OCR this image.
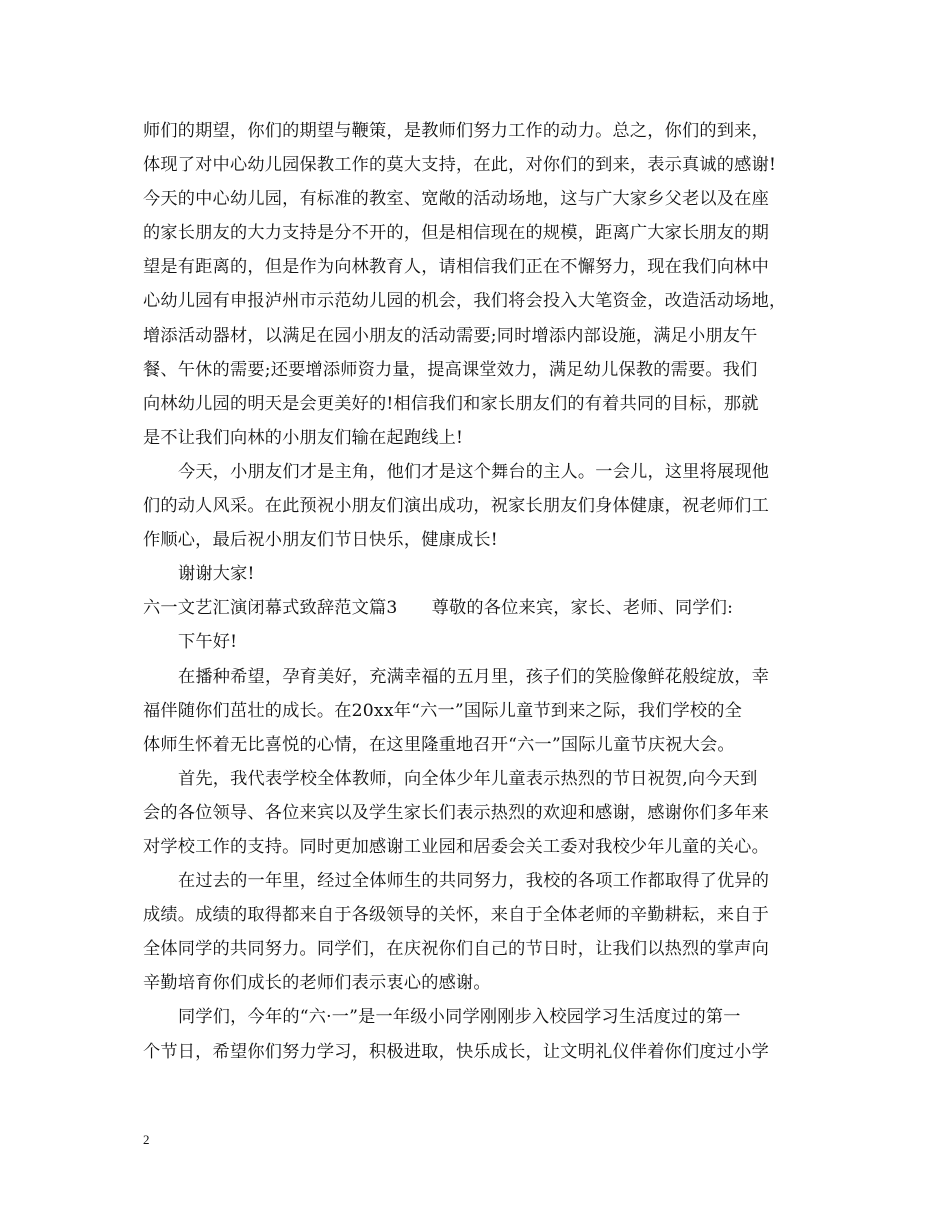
师们的期望，你们的期望与鞭策，是教师们努力工作的动力。总之，你们的到来，
体现了对中心幼儿园保教工作的莫大支持，在此，对你们的到来，表示真诚的感谢!
今天的中心幼儿园，有标准的教室、宽敞的活动场地，这与广大家乡父老以及在座
的家长朋友的大力支持是分不开的，但是相信现在的规模，距离广大家长朋友的期
望是有距离的，但是作为向林教育人，请相信我们正在不懈努力，现在我们向林中
心幼儿园有申报泸州市示范幼儿园的机会，我们将会投入大笔资金，改造活动场地，
增添活动器材，以满足在园小朋友的活动需要;同时增添内部设施，满足小朋友午
餐、午休的需要;还要增添师资力量，提高课堂效力，满足幼儿保教的需要。我们
向林幼儿园的明天是会更美好的!相信我们和家长朋友们的有着共同的目标，那就
是不让我们向林的小朋友们输在起跑线上!
今天，小朋友们才是主角，他们才是这个舞台的主人。一会儿，这里将展现他
们的动人风采。在此预祝小朋友们演出成功，祝家长朋友们身体健康，祝老师们工
作顺心，最后祝小朋友们节日快乐，健康成长!
谢谢大家!
六一文艺汇演闭幕式致辞范文篇3 尊敬的各位来宾，家长、老师、同学们:
下午好!
在播种希望，孕育美好，充满幸福的五月里，孩子们的笑脸像鲜花般绽放，幸
福伴随你们茁壮的成长。在20xx年“六一”国际儿童节到来之际，我们学校的全
体师生怀着无比喜悦的心情，在这里隆重地召开“六一”国际儿童节庆祝大会。
首先，我代表学校全体教师，向全体少年儿童表示热烈的节日祝贺,向今天到
会的各位领导、各位来宾以及学生家长们表示热烈的欢迎和感谢，感谢你们多年来
对学校工作的支持。同时更加感谢工业园和居委会关工委对我校少年儿童的关心。
在过去的一年里，经过全体师生的共同努力，我校的各项工作都取得了优异的
成绩。成绩的取得都来自于各级领导的关怀，来自于全体老师的辛勤耕耘，来自于
全体同学的共同努力。同学们，在庆祝你们自己的节日时，让我们以热烈的掌声向
辛勤培育你们成长的老师们表示衷心的感谢。
同学们，今年的“六·一”是一年级小同学刚刚步入校园学习生活度过的第一
个节日，希望你们努力学习，积极进取，快乐成长，让文明礼仪伴着你们度过小学
2
